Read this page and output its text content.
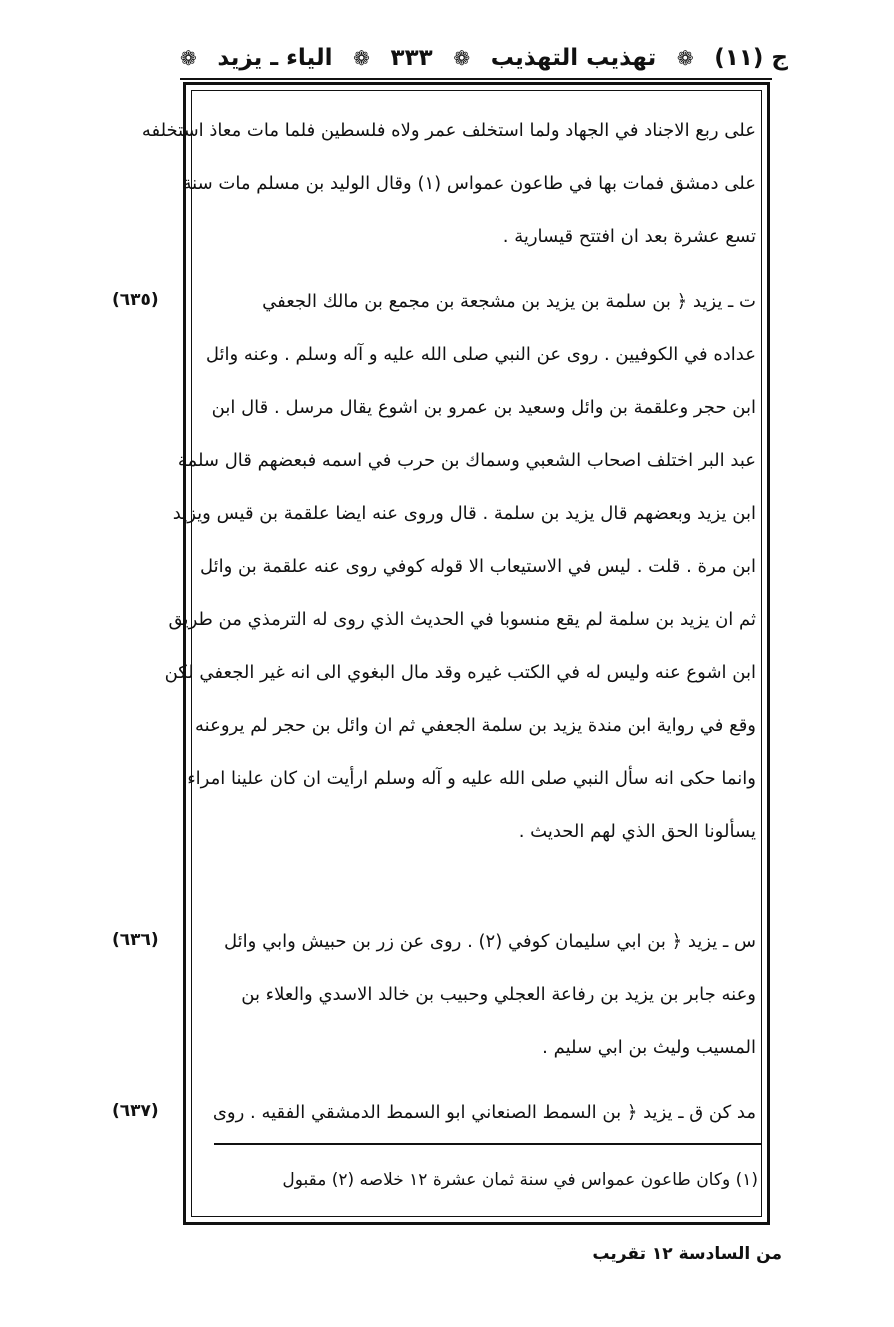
ج (١١)
❁
تهذيب التهذيب
❁
٣٣٣
❁
الياء ـ يزيد
❁
على ربع الاجناد في الجهاد ولما استخلف عمر ولاه فلسطين فلما مات معاذ استخلفه
على دمشق فمات بها في طاعون عمواس (١) وقال الوليد بن مسلم مات سنة
تسع عشرة بعد ان افتتح قيسارية .
(٦٣٥)	ت ـ يزيد ﴿ بن سلمة بن يزيد بن مشجعة بن مجمع بن مالك الجعفي
عداده في الكوفيين . روى عن النبي صلى الله عليه و آله وسلم . وعنه وائل
ابن حجر وعلقمة بن وائل وسعيد بن عمرو بن اشوع يقال مرسل . قال ابن
عبد البر اختلف اصحاب الشعبي وسماك بن حرب في اسمه فبعضهم قال سلمة
ابن يزيد وبعضهم قال يزيد بن سلمة . قال وروى عنه ايضا علقمة بن قيس ويزيد
ابن مرة . قلت . ليس في الاستيعاب الا قوله كوفي روى عنه علقمة بن وائل
ثم ان يزيد بن سلمة لم يقع منسوبا في الحديث الذي روى له الترمذي من طريق
ابن اشوع عنه وليس له في الكتب غيره وقد مال البغوي الى انه غير الجعفي لكن
وقع في رواية ابن مندة يزيد بن سلمة الجعفي ثم ان وائل بن حجر لم يروعنه
وانما حكى انه سأل النبي صلى الله عليه و آله وسلم ارأيت ان كان علينا امراء
يسألونا الحق الذي لهم الحديث .
(٦٣٦)	س ـ يزيد ﴿ بن ابي سليمان كوفي (٢) . روى عن زر بن حبيش وابي وائل
وعنه جابر بن يزيد بن رفاعة العجلي وحبيب بن خالد الاسدي والعلاء بن
المسيب وليث بن ابي سليم .
(٦٣٧)	مد كن ق ـ يزيد ﴿ بن السمط الصنعاني ابو السمط الدمشقي الفقيه . روى
(١) وكان طاعون عمواس في سنة ثمان عشرة ١٢ خلاصه (٢) مقبول
من السادسة ١٢ تقريب
